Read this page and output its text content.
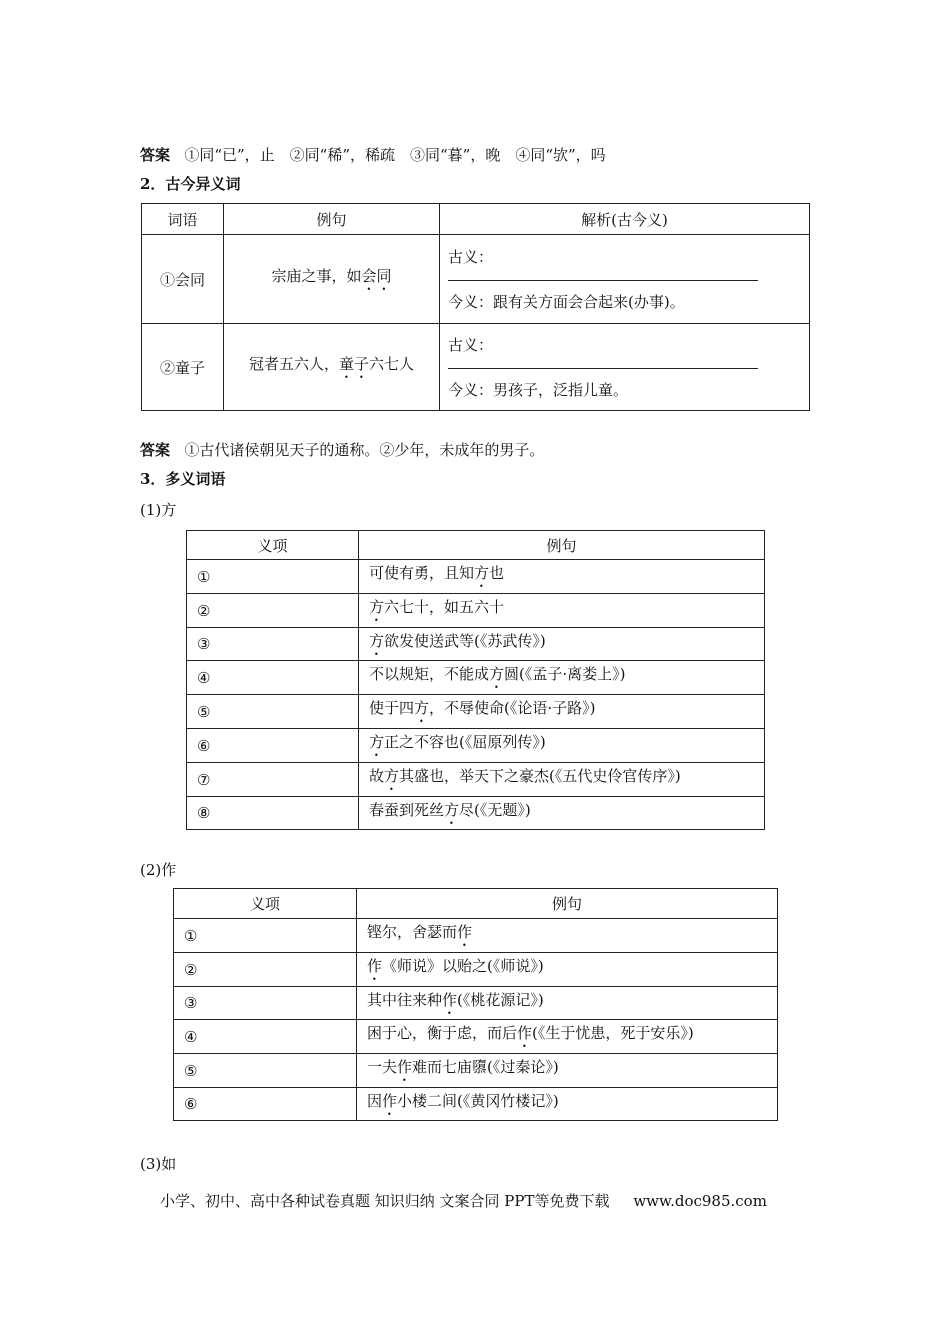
答案 ①同“已”，止　②同“稀”，稀疏　③同“暮”，晚　④同“欤”，吗
2．古今异义词
词语	例句	解析(古今义)
①会同	宗庙之事，如会同	古义：
今义：跟有关方面会合起来(办事)。

②童子	冠者五六人，童子六七人	古义：
今义：男孩子，泛指儿童。
答案 ①古代诸侯朝见天子的通称。②少年，未成年的男子。
3．多义词语
(1)方
义项	例句
①	可使有勇，且知方也
②	方六七十，如五六十
③	方欲发使送武等(《苏武传》)
④	不以规矩，不能成方圆(《孟子·离娄上》)
⑤	使于四方，不辱使命(《论语·子路》)
⑥	方正之不容也(《屈原列传》)
⑦	故方其盛也，举天下之豪杰(《五代史伶官传序》)
⑧	春蚕到死丝方尽(《无题》)
(2)作
义项	例句
①	铿尔，舍瑟而作
②	作《师说》以贻之(《师说》)
③	其中往来种作(《桃花源记》)
④	困于心，衡于虑，而后作(《生于忧患，死于安乐》)
⑤	一夫作难而七庙隳(《过秦论》)
⑥	因作小楼二间(《黄冈竹楼记》)
(3)如
小学、初中、高中各种试卷真题 知识归纳 文案合同 PPT等免费下载 www.doc985.com
